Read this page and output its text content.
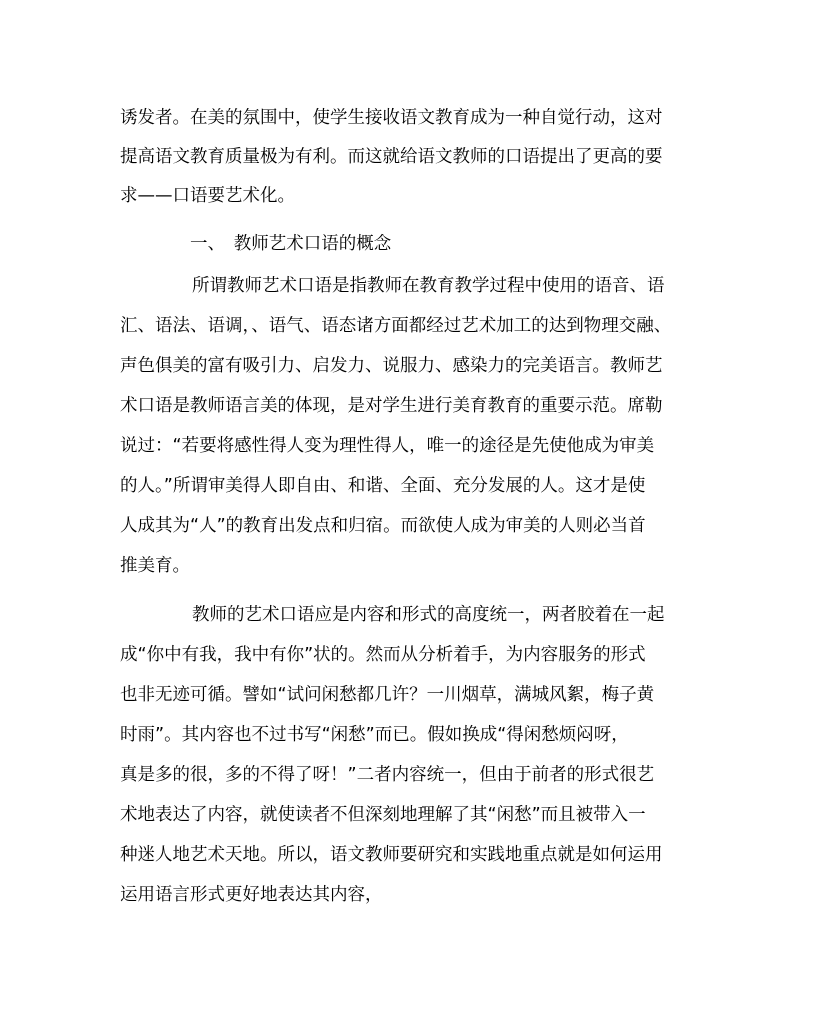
诱发者。在美的氛围中，使学生接收语文教育成为一种自觉行动，这对
提高语文教育质量极为有利。而这就给语文教师的口语提出了更高的要
求——口语要艺术化。
一、　教师艺术口语的概念
所谓教师艺术口语是指教师在教育教学过程中使用的语音、语
汇、语法、语调，、语气、语态诸方面都经过艺术加工的达到物理交融、
声色俱美的富有吸引力、启发力、说服力、感染力的完美语言。教师艺
术口语是教师语言美的体现，是对学生进行美育教育的重要示范。席勒
说过：“若要将感性得人变为理性得人，唯一的途径是先使他成为审美
的人。”所谓审美得人即自由、和谐、全面、充分发展的人。这才是使
人成其为“人”的教育出发点和归宿。而欲使人成为审美的人则必当首
推美育。
教师的艺术口语应是内容和形式的高度统一，两者胶着在一起
成“你中有我，我中有你”状的。然而从分析着手，为内容服务的形式
也非无迹可循。譬如“试问闲愁都几许？一川烟草，满城风絮，梅子黄
时雨”。其内容也不过书写“闲愁”而已。假如换成“得闲愁烦闷呀，
真是多的很，多的不得了呀！”二者内容统一，但由于前者的形式很艺
术地表达了内容，就使读者不但深刻地理解了其“闲愁”而且被带入一
种迷人地艺术天地。所以，语文教师要研究和实践地重点就是如何运用
运用语言形式更好地表达其内容，
